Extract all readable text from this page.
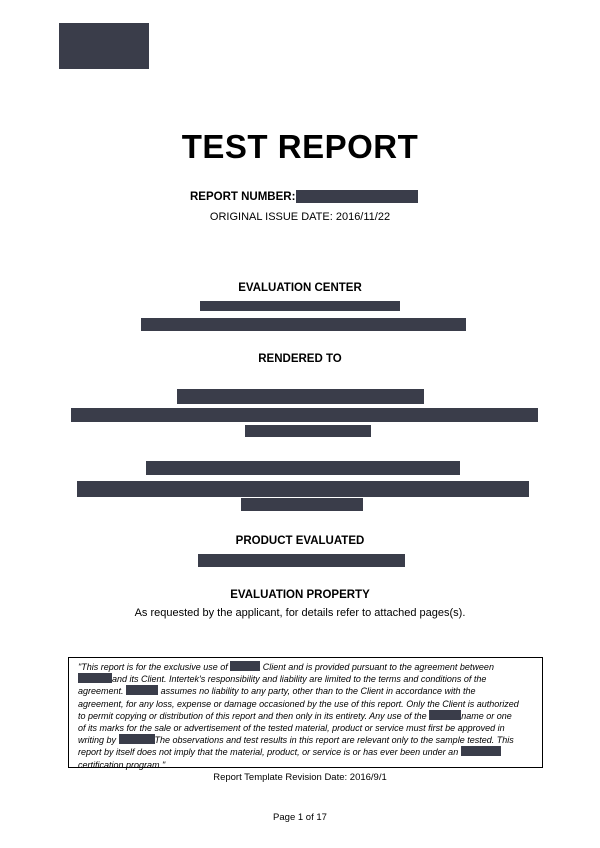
TEST REPORT
REPORT NUMBER:
ORIGINAL ISSUE DATE: 2016/11/22
EVALUATION CENTER
RENDERED TO
PRODUCT EVALUATED
EVALUATION PROPERTY
As requested by the applicant, for details refer to attached pages(s).
"This report is for the exclusive use of	Client and is provided pursuant to the agreement between
and its Client. Intertek's responsibility and liability are limited to the terms and conditions of the
agreement.	assumes no liability to any party, other than to the Client in accordance with the
agreement, for any loss, expense or damage occasioned by the use of this report. Only the Client is authorized
to permit copying or distribution of this report and then only in its entirety. Any use of the	name or one
of its marks for the sale or advertisement of the tested material, product or service must first be approved in
writing by	The observations and test results in this report are relevant only to the sample tested. This
report by itself does not imply that the material, product, or service is or has ever been under an
certification program."
Report Template Revision Date: 2016/9/1
Page 1 of 17
